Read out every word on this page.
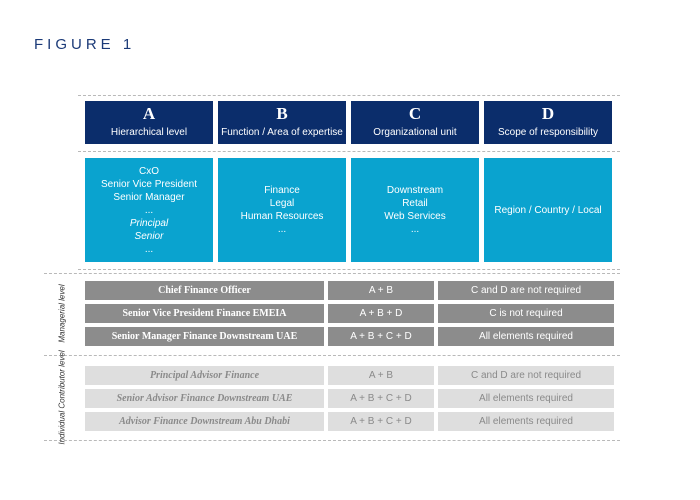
FIGURE 1
A
Hierarchical level
B
Function / Area of expertise
C
Organizational unit
D
Scope of responsibility
CxO
Senior Vice President
Senior Manager
...
Principal
Senior
...
Finance
Legal
Human Resources
...
Downstream
Retail
Web Services
...
Region / Country / Local
Managerial level
Individual Contributor level
Chief Finance Officer	A + B	C and D are not required
Senior Vice President Finance EMEIA	A + B + D	C is not required
Senior Manager Finance Downstream UAE	A + B + C + D	All elements required
Principal Advisor Finance	A + B	C and D are not required
Senior Advisor Finance Downstream UAE	A + B + C + D	All elements required
Advisor Finance Downstream Abu Dhabi	A + B + C + D	All elements required
